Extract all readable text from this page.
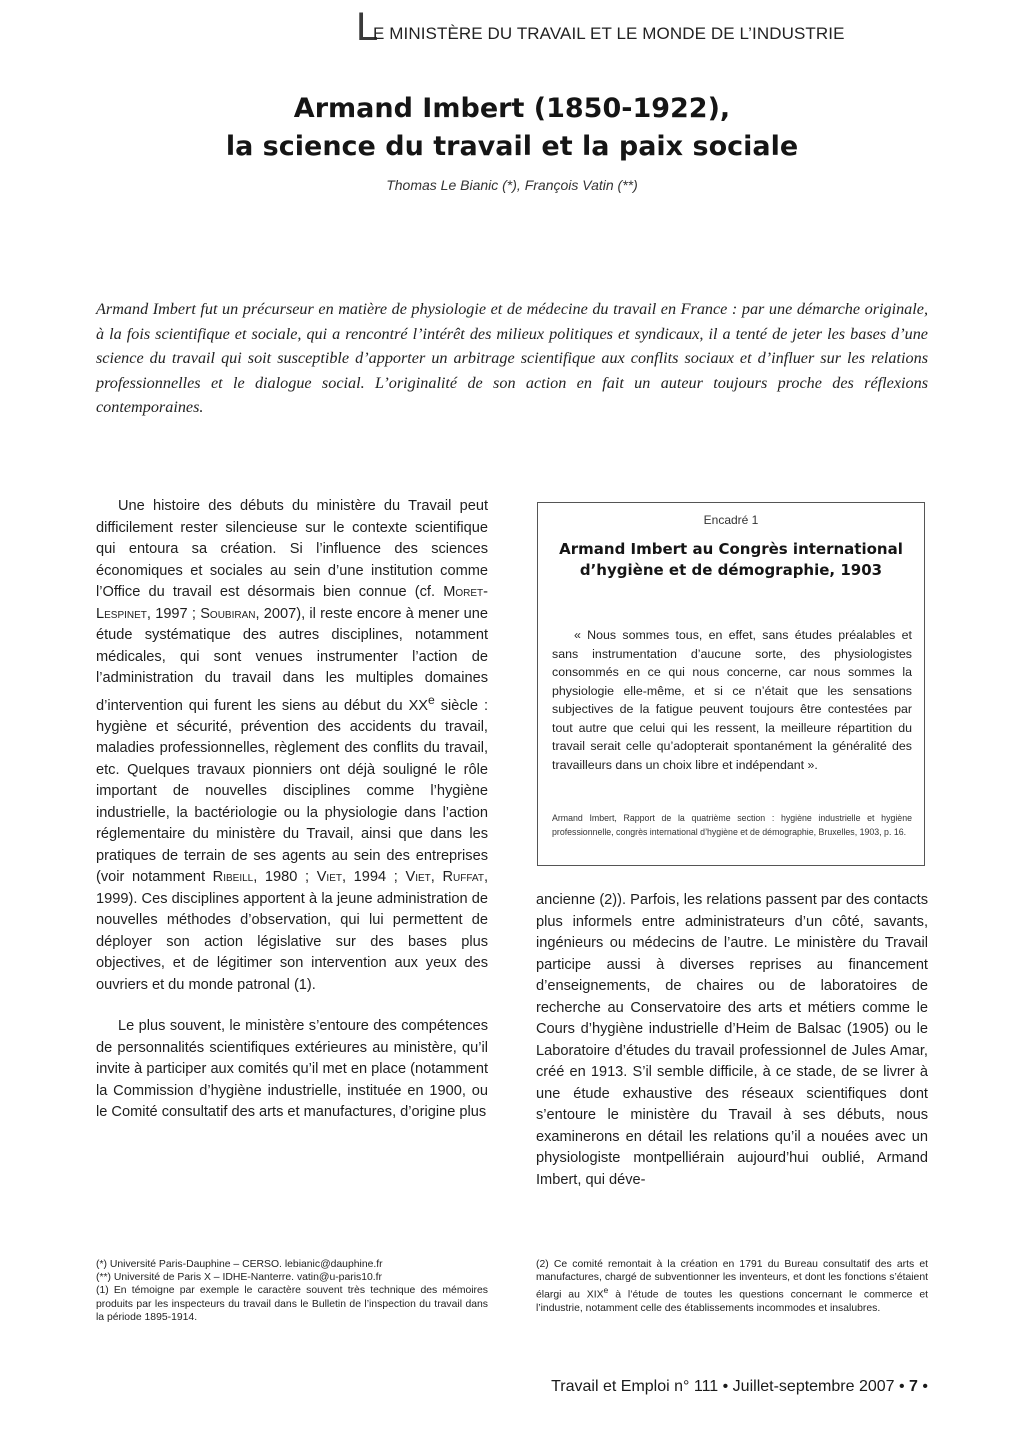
L
E MINISTÈRE DU TRAVAIL ET LE MONDE DE L’INDUSTRIE
Armand Imbert (1850-1922),
la science du travail et la paix sociale
Thomas Le Bianic (*), François Vatin (**)
Armand Imbert fut un précurseur en matière de physiologie et de médecine du travail en France : par une démarche originale, à la fois scientifique et sociale, qui a rencontré l’intérêt des milieux politiques et syndicaux, il a tenté de jeter les bases d’une science du travail qui soit susceptible d’apporter un arbitrage scientifique aux conflits sociaux et d’influer sur les relations professionnelles et le dialogue social. L’originalité de son action en fait un auteur toujours proche des réflexions contemporaines.

Une histoire des débuts du ministère du Travail peut difficilement rester silencieuse sur le contexte scientifique qui entoura sa création. Si l’influence des sciences économiques et sociales au sein d’une institution comme l’Office du travail est désormais bien connue (cf. Moret-Lespinet, 1997 ; Soubiran, 2007), il reste encore à mener une étude systématique des autres disciplines, notamment médicales, qui sont venues instrumenter l’action de l’administration du travail dans les multiples domaines d’intervention qui furent les siens au début du XXe siècle : hygiène et sécurité, prévention des accidents du travail, maladies professionnelles, règlement des conflits du travail, etc. Quelques travaux pionniers ont déjà souligné le rôle important de nouvelles disciplines comme l’hygiène industrielle, la bactériologie ou la physiologie dans l’action réglementaire du ministère du Travail, ainsi que dans les pratiques de terrain de ses agents au sein des entreprises (voir notamment Ribeill, 1980 ; Viet, 1994 ; Viet, Ruffat, 1999). Ces disciplines apportent à la jeune administration de nouvelles méthodes d’observation, qui lui permettent de déployer son action législative sur des bases plus objectives, et de légitimer son intervention aux yeux des ouvriers et du monde patronal (1).

Le plus souvent, le ministère s’entoure des compétences de personnalités scientifiques extérieures au ministère, qu’il invite à participer aux comités qu’il met en place (notamment la Commission d’hygiène industrielle, instituée en 1900, ou le Comité consultatif des arts et manufactures, d’origine plus

Encadré 1
Armand Imbert au Congrès international d’hygiène et de démographie, 1903
« Nous sommes tous, en effet, sans études préalables et sans instrumentation d’aucune sorte, des physiologistes consommés en ce qui nous concerne, car nous sommes la physiologie elle-même, et si ce n’était que les sensations subjectives de la fatigue peuvent toujours être contestées par tout autre que celui qui les ressent, la meilleure répartition du travail serait celle qu’adopterait spontanément la généralité des travailleurs dans un choix libre et indépendant ».
Armand Imbert, Rapport de la quatrième section : hygiène industrielle et hygiène professionnelle, congrès international d’hygiène et de démographie, Bruxelles, 1903, p. 16.

ancienne (2)). Parfois, les relations passent par des contacts plus informels entre administrateurs d’un côté, savants, ingénieurs ou médecins de l’autre. Le ministère du Travail participe aussi à diverses reprises au financement d’enseignements, de chaires ou de laboratoires de recherche au Conservatoire des arts et métiers comme le Cours d’hygiène industrielle d’Heim de Balsac (1905) ou le Laboratoire d’études du travail professionnel de Jules Amar, créé en 1913. S’il semble difficile, à ce stade, de se livrer à une étude exhaustive des réseaux scientifiques dont s’entoure le ministère du Travail à ses débuts, nous examinerons en détail les relations qu’il a nouées avec un physiologiste montpelliérain aujourd’hui oublié, Armand Imbert, qui déve-

(*) Université Paris-Dauphine – CERSO. lebianic@dauphine.fr
(**) Université de Paris X – IDHE-Nanterre. vatin@u-paris10.fr
(1) En témoigne par exemple le caractère souvent très technique des mémoires produits par les inspecteurs du travail dans le Bulletin de l’inspection du travail dans la période 1895-1914.
(2) Ce comité remontait à la création en 1791 du Bureau consultatif des arts et manufactures, chargé de subventionner les inventeurs, et dont les fonctions s’étaient élargi au XIXe à l’étude de toutes les questions concernant le commerce et l’industrie, notamment celle des établissements incommodes et insalubres.
Travail et Emploi n° 111 • Juillet-septembre 2007 • 7 •
